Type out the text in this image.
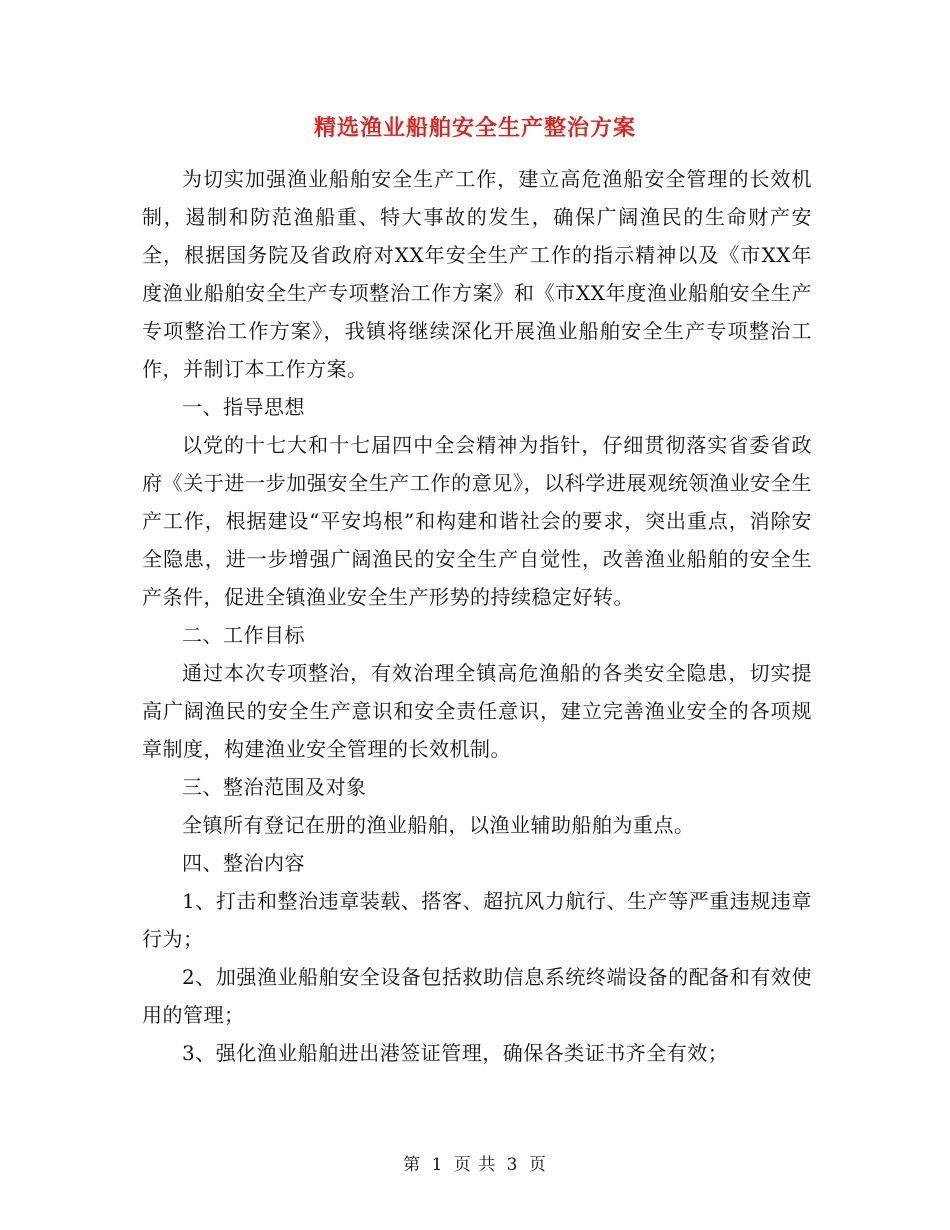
精选渔业船舶安全生产整治方案

为切实加强渔业船舶安全生产工作，建立高危渔船安全管理的长效机制，遏制和防范渔船重、特大事故的发生，确保广阔渔民的生命财产安全，根据国务院及省政府对XX年安全生产工作的指示精神以及《市XX年度渔业船舶安全生产专项整治工作方案》和《市XX年度渔业船舶安全生产专项整治工作方案》，我镇将继续深化开展渔业船舶安全生产专项整治工作，并制订本工作方案。

一、指导思想

以党的十七大和十七届四中全会精神为指针，仔细贯彻落实省委省政府《关于进一步加强安全生产工作的意见》，以科学进展观统领渔业安全生产工作，根据建设“平安坞根”和构建和谐社会的要求，突出重点，消除安全隐患，进一步增强广阔渔民的安全生产自觉性，改善渔业船舶的安全生产条件，促进全镇渔业安全生产形势的持续稳定好转。

二、工作目标

通过本次专项整治，有效治理全镇高危渔船的各类安全隐患，切实提高广阔渔民的安全生产意识和安全责任意识，建立完善渔业安全的各项规章制度，构建渔业安全管理的长效机制。

三、整治范围及对象

全镇所有登记在册的渔业船舶，以渔业辅助船舶为重点。

四、整治内容

1、打击和整治违章装载、搭客、超抗风力航行、生产等严重违规违章行为；

2、加强渔业船舶安全设备包括救助信息系统终端设备的配备和有效使用的管理；

3、强化渔业船舶进出港签证管理，确保各类证书齐全有效；

第 1 页 共 3 页
